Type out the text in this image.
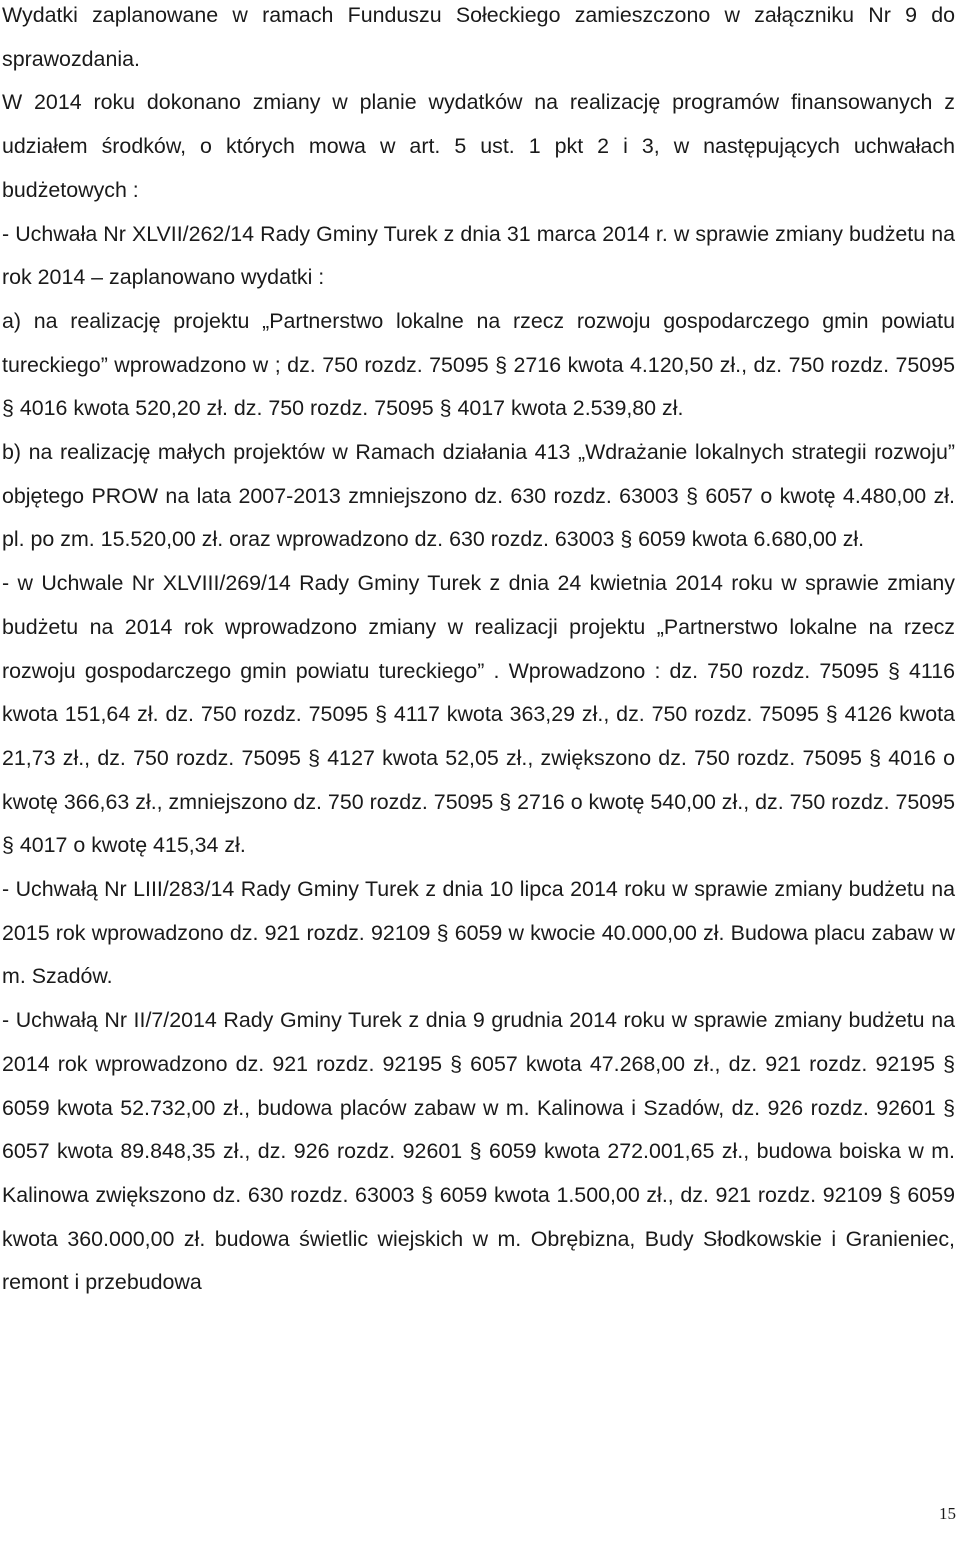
Wydatki zaplanowane w ramach Funduszu Sołeckiego zamieszczono w załączniku Nr 9 do sprawozdania.

W 2014 roku dokonano zmiany w planie wydatków na realizację programów finansowanych z udziałem środków, o których mowa w art. 5 ust. 1 pkt 2 i 3, w następujących uchwałach budżetowych :

- Uchwała Nr XLVII/262/14 Rady Gminy Turek z dnia 31 marca 2014 r. w sprawie zmiany budżetu na rok 2014 – zaplanowano wydatki :

a) na realizację projektu „Partnerstwo lokalne na rzecz rozwoju gospodarczego gmin powiatu tureckiego” wprowadzono w ; dz. 750 rozdz. 75095 § 2716 kwota 4.120,50 zł., dz. 750 rozdz. 75095 § 4016 kwota 520,20 zł. dz. 750 rozdz. 75095 § 4017 kwota 2.539,80 zł.

b) na realizację małych projektów w Ramach działania 413 „Wdrażanie lokalnych strategii rozwoju” objętego PROW na lata 2007-2013 zmniejszono dz. 630 rozdz. 63003 § 6057 o kwotę 4.480,00 zł. pl. po zm. 15.520,00 zł. oraz wprowadzono dz. 630 rozdz. 63003 § 6059 kwota 6.680,00 zł.

- w Uchwale Nr XLVIII/269/14 Rady Gminy Turek z dnia 24 kwietnia 2014 roku w sprawie zmiany budżetu na 2014 rok wprowadzono zmiany w realizacji projektu „Partnerstwo lokalne na rzecz rozwoju gospodarczego gmin powiatu tureckiego” . Wprowadzono : dz. 750 rozdz. 75095 § 4116 kwota 151,64 zł. dz. 750 rozdz. 75095 § 4117 kwota 363,29 zł., dz. 750 rozdz. 75095 § 4126 kwota 21,73 zł., dz. 750 rozdz. 75095 § 4127 kwota 52,05 zł., zwiększono dz. 750 rozdz. 75095 § 4016 o kwotę 366,63 zł., zmniejszono dz. 750 rozdz. 75095 § 2716 o kwotę 540,00 zł., dz. 750 rozdz. 75095 § 4017 o kwotę 415,34 zł.

- Uchwałą Nr LIII/283/14 Rady Gminy Turek z dnia 10 lipca 2014 roku w sprawie zmiany budżetu na 2015 rok wprowadzono dz. 921 rozdz. 92109 § 6059 w kwocie 40.000,00 zł. Budowa placu zabaw w m. Szadów.

- Uchwałą Nr II/7/2014 Rady Gminy Turek z dnia 9 grudnia 2014 roku w sprawie zmiany budżetu na 2014 rok wprowadzono dz. 921 rozdz. 92195 § 6057 kwota 47.268,00 zł., dz. 921 rozdz. 92195 § 6059 kwota 52.732,00 zł., budowa placów zabaw w m. Kalinowa i Szadów, dz. 926 rozdz. 92601 § 6057 kwota 89.848,35 zł., dz. 926 rozdz. 92601 § 6059 kwota 272.001,65 zł., budowa boiska w m. Kalinowa zwiększono dz. 630 rozdz. 63003 § 6059 kwota 1.500,00 zł., dz. 921 rozdz. 92109 § 6059 kwota 360.000,00 zł. budowa świetlic wiejskich w m. Obrębizna, Budy Słodkowskie i Granieniec, remont i przebudowa

15
